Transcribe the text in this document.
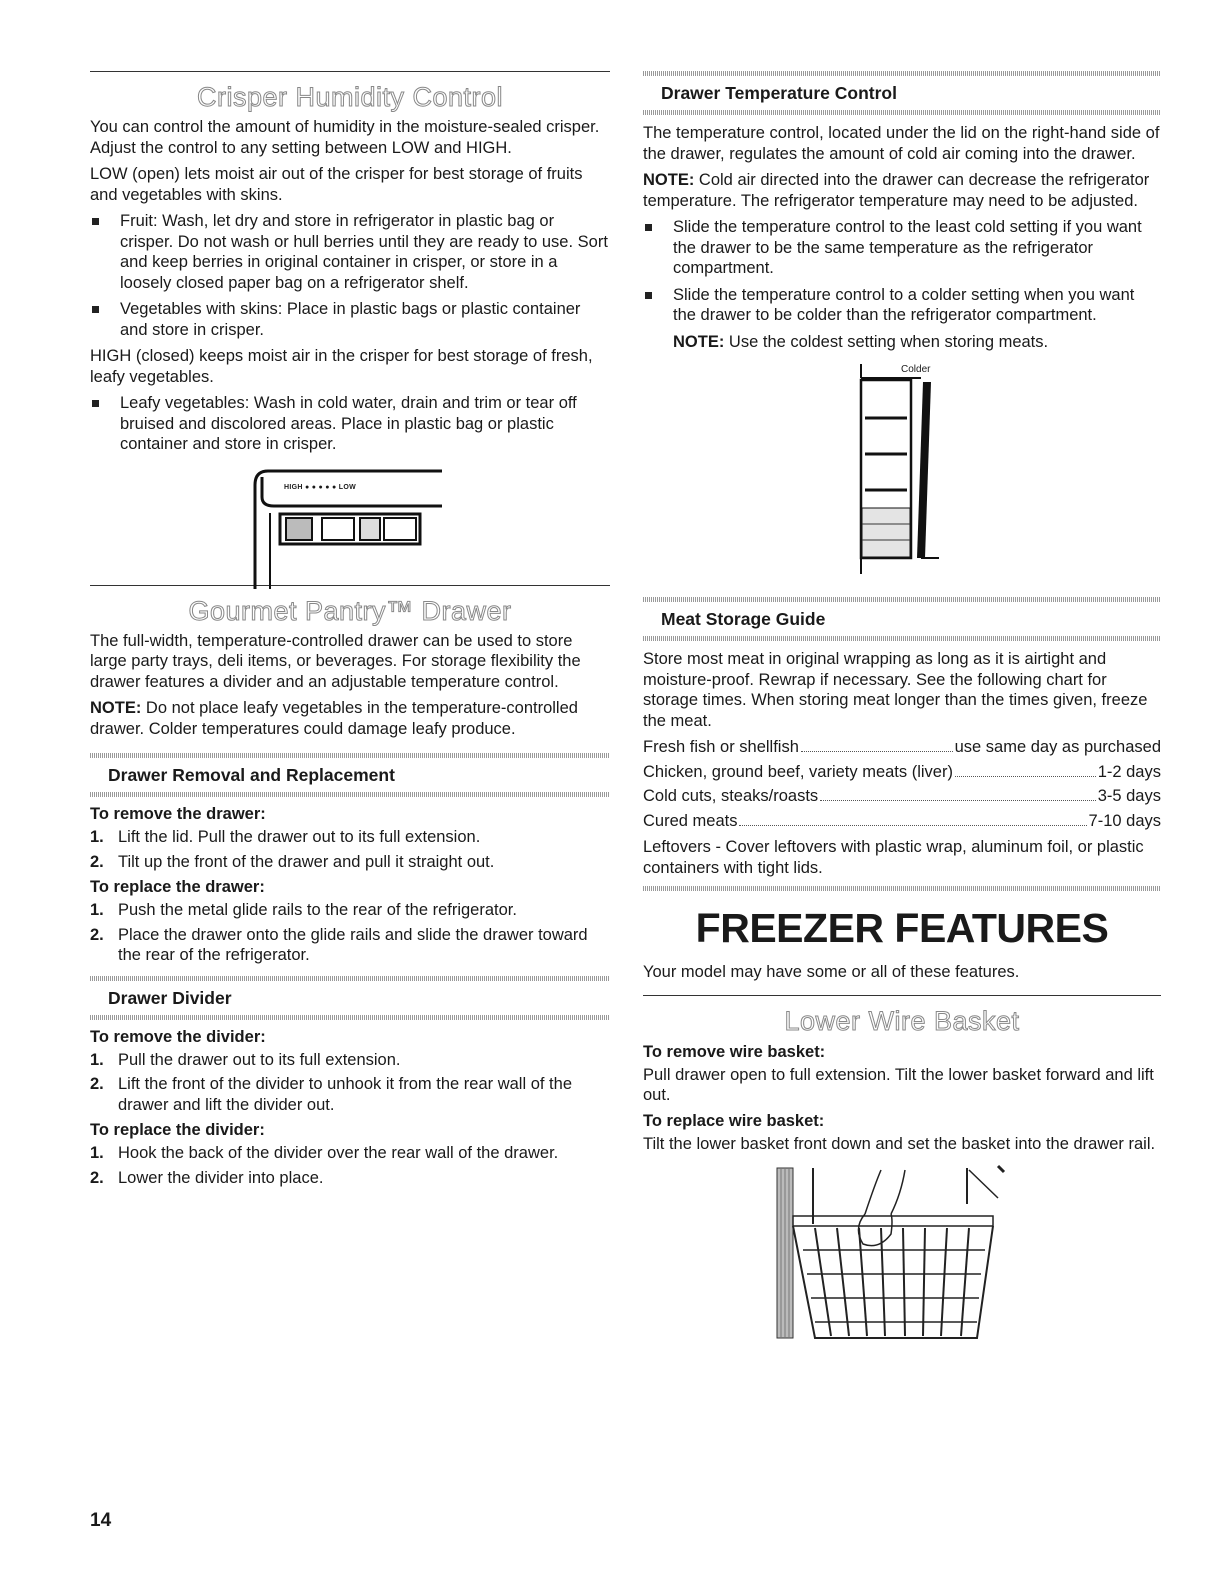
Crisper Humidity Control

You can control the amount of humidity in the moisture-sealed crisper. Adjust the control to any setting between LOW and HIGH.

LOW (open) lets moist air out of the crisper for best storage of fruits and vegetables with skins.

Fruit: Wash, let dry and store in refrigerator in plastic bag or crisper. Do not wash or hull berries until they are ready to use. Sort and keep berries in original container in crisper, or store in a loosely closed paper bag on a refrigerator shelf.
Vegetables with skins: Place in plastic bags or plastic container and store in crisper.

HIGH (closed) keeps moist air in the crisper for best storage of fresh, leafy vegetables.

Leafy vegetables: Wash in cold water, drain and trim or tear off bruised and discolored areas. Place in plastic bag or plastic container and store in crisper.
HIGH ● ● ● ● ● LOW
Gourmet Pantry™ Drawer

The full-width, temperature-controlled drawer can be used to store large party trays, deli items, or beverages. For storage flexibility the drawer features a divider and an adjustable temperature control.

NOTE: Do not place leafy vegetables in the temperature-controlled drawer. Colder temperatures could damage leafy produce.

Drawer Removal and Replacement
To remove the drawer:
1. Lift the lid. Pull the drawer out to its full extension.
2. Tilt up the front of the drawer and pull it straight out.
To replace the drawer:
1. Push the metal glide rails to the rear of the refrigerator.
2. Place the drawer onto the glide rails and slide the drawer toward the rear of the refrigerator.
Drawer Divider
To remove the divider:
1. Pull the drawer out to its full extension.
2. Lift the front of the divider to unhook it from the rear wall of the drawer and lift the divider out.
To replace the divider:
1. Hook the back of the divider over the rear wall of the drawer.
2. Lower the divider into place.
Drawer Temperature Control

The temperature control, located under the lid on the right-hand side of the drawer, regulates the amount of cold air coming into the drawer.

NOTE: Cold air directed into the drawer can decrease the refrigerator temperature. The refrigerator temperature may need to be adjusted.

Slide the temperature control to the least cold setting if you want the drawer to be the same temperature as the refrigerator compartment.
Slide the temperature control to a colder setting when you want the drawer to be colder than the refrigerator compartment.

NOTE: Use the coldest setting when storing meats.

Colder
Meat Storage Guide

Store most meat in original wrapping as long as it is airtight and moisture-proof. Rewrap if necessary. See the following chart for storage times. When storing meat longer than the times given, freeze the meat.

Fresh fish or shellfish	use same day as purchased
Chicken, ground beef, variety meats (liver)	1-2 days
Cold cuts, steaks/roasts	3-5 days
Cured meats	7-10 days

Leftovers - Cover leftovers with plastic wrap, aluminum foil, or plastic containers with tight lids.

FREEZER FEATURES

Your model may have some or all of these features.

Lower Wire Basket
To remove wire basket:

Pull drawer open to full extension. Tilt the lower basket forward and lift out.

To replace wire basket:

Tilt the lower basket front down and set the basket into the drawer rail.

14
